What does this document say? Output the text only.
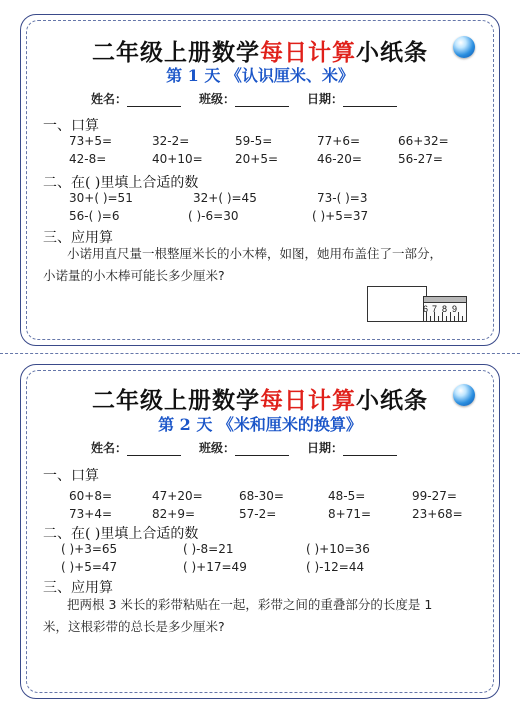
二年级上册数学每日计算小纸条
第 1 天 《认识厘米、米》
姓名：	班级：	日期：
一、口算
73+5=	32-2=	59-5=	77+6=	66+32=
42-8=	40+10=	20+5=	46-20=	56-27=
二、在( )里填上合适的数
30+( )=51	32+( )=45	73-( )=3
56-( )=6	( )-6=30	( )+5=37
三、应用算
小诺用直尺量一根整厘米长的小木棒，如图，她用布盖住了一部分，
小诺量的小木棒可能长多少厘米?
6 7 8 9
二年级上册数学每日计算小纸条
第 2 天 《米和厘米的换算》
姓名：	班级：	日期：
一、口算
60+8=	47+20=	68-30=	48-5=	99-27=
73+4=	82+9=	57-2=	8+71=	23+68=
二、在( )里填上合适的数
( )+3=65	( )-8=21	( )+10=36
( )+5=47	( )+17=49	( )-12=44
三、应用算
把两根 3 米长的彩带粘贴在一起，彩带之间的重叠部分的长度是 1
米，这根彩带的总长是多少厘米?
